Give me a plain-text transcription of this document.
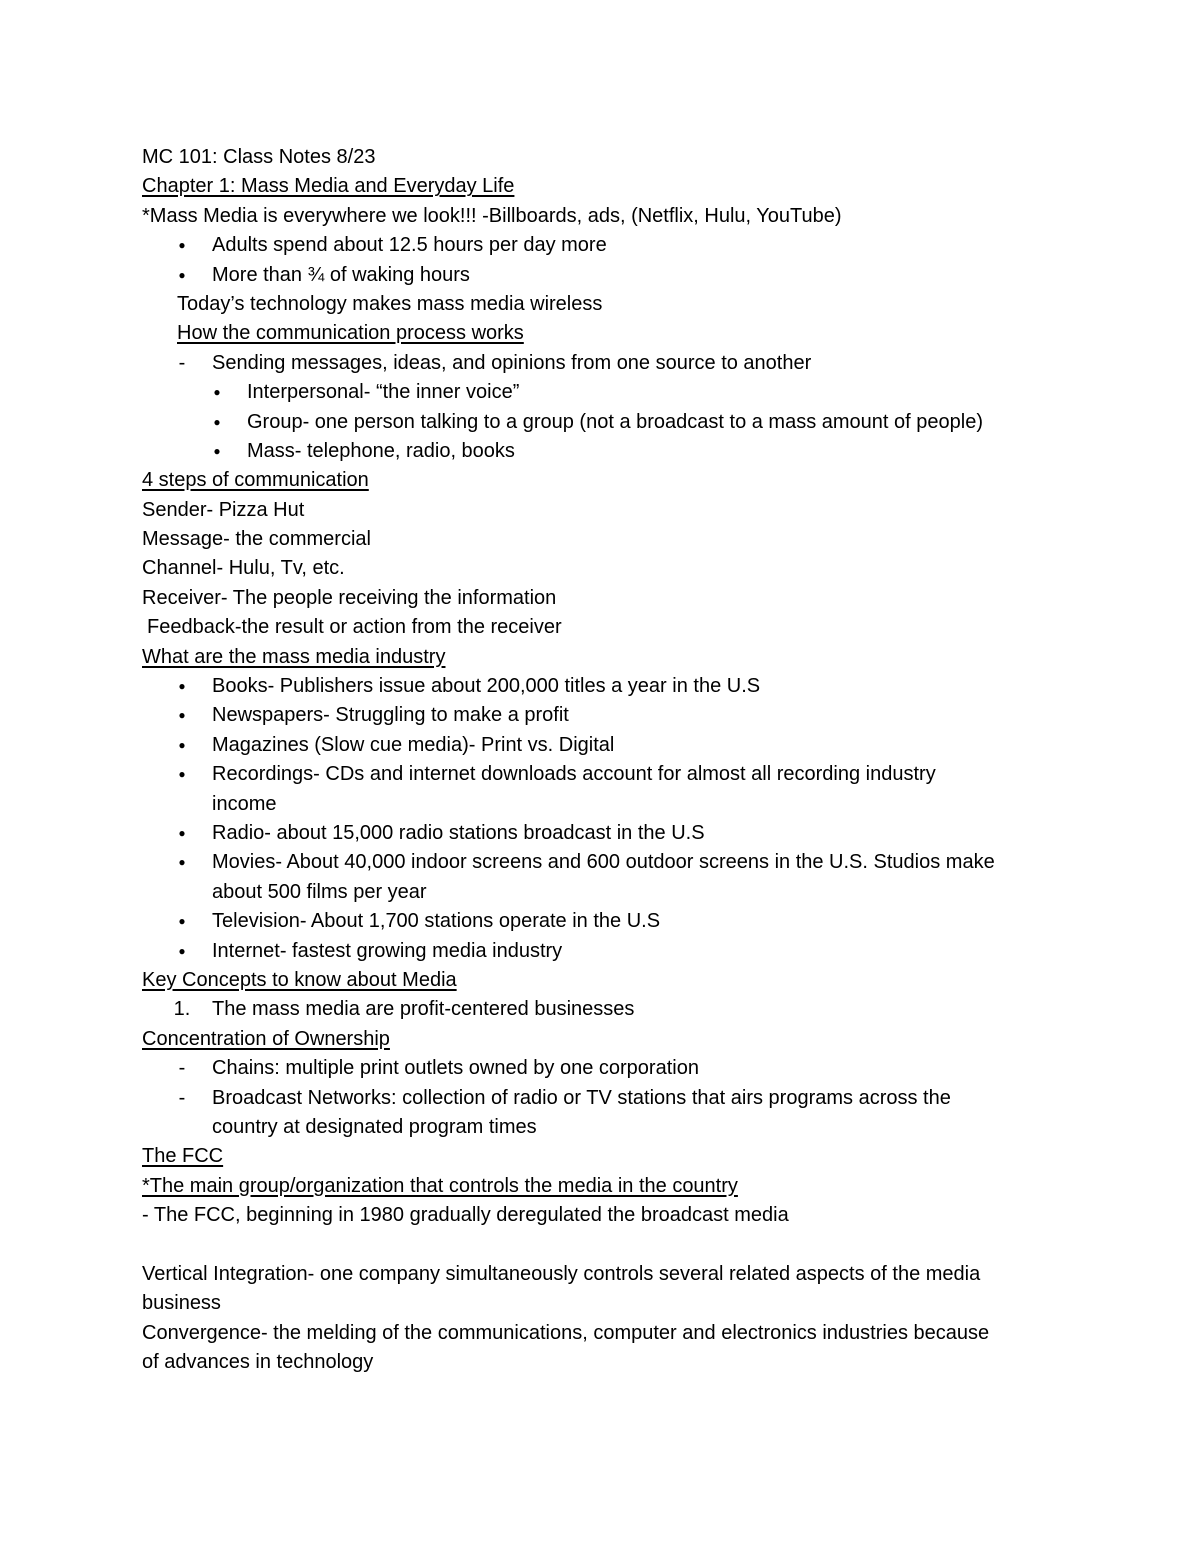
MC 101: Class Notes 8/23
Chapter 1: Mass Media and Everyday Life
*Mass Media is everywhere we look!!! -Billboards, ads, (Netflix, Hulu, YouTube)
●	Adults spend about 12.5 hours per day more
●	More than ¾ of waking hours
Today’s technology makes mass media wireless
How the communication process works
-	Sending messages, ideas, and opinions from one source to another
●	Interpersonal- “the inner voice”
●	Group- one person talking to a group (not a broadcast to a mass amount of people)
●	Mass- telephone, radio, books
4 steps of communication
Sender- Pizza Hut
Message- the commercial
Channel- Hulu, Tv, etc.
Receiver- The people receiving the information
Feedback-the result or action from the receiver
What are the mass media industry
●	Books- Publishers issue about 200,000 titles a year in the U.S
●	Newspapers- Struggling to make a profit
●	Magazines (Slow cue media)- Print vs. Digital
●	Recordings- CDs and internet downloads account for almost all recording industry
income
●	Radio- about 15,000 radio stations broadcast in the U.S
●	Movies- About 40,000 indoor screens and 600 outdoor screens in the U.S. Studios make
about 500 films per year
●	Television- About 1,700 stations operate in the U.S
●	Internet- fastest growing media industry
Key Concepts to know about Media
1. The mass media are profit-centered businesses
Concentration of Ownership
-	Chains: multiple print outlets owned by one corporation
-	Broadcast Networks: collection of radio or TV stations that airs programs across the
country at designated program times
The FCC
*The main group/organization that controls the media in the country
- The FCC, beginning in 1980 gradually deregulated the broadcast media
Vertical Integration- one company simultaneously controls several related aspects of the media
business
Convergence- the melding of the communications, computer and electronics industries because
of advances in technology
